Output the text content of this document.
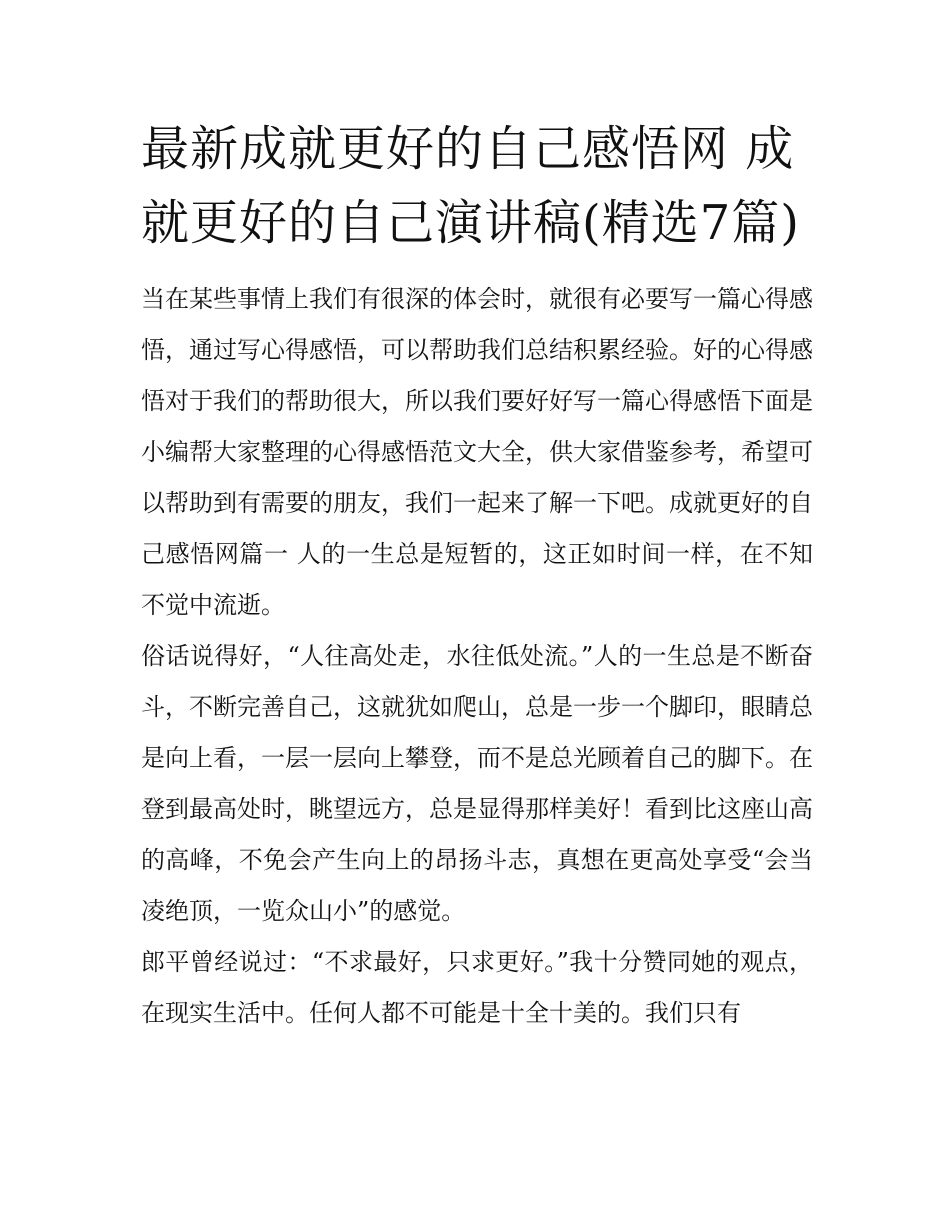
最新成就更好的自己感悟网 成就更好的自己演讲稿(精选7篇)

当在某些事情上我们有很深的体会时，就很有必要写一篇心得感悟，通过写心得感悟，可以帮助我们总结积累经验。好的心得感悟对于我们的帮助很大，所以我们要好好写一篇心得感悟下面是小编帮大家整理的心得感悟范文大全，供大家借鉴参考，希望可以帮助到有需要的朋友，我们一起来了解一下吧。成就更好的自己感悟网篇一 人的一生总是短暂的，这正如时间一样，在不知不觉中流逝。

俗话说得好，“人往高处走，水往低处流。”人的一生总是不断奋斗，不断完善自己，这就犹如爬山，总是一步一个脚印，眼睛总是向上看，一层一层向上攀登，而不是总光顾着自己的脚下。在登到最高处时，眺望远方，总是显得那样美好！看到比这座山高的高峰，不免会产生向上的昂扬斗志，真想在更高处享受“会当凌绝顶，一览众山小”的感觉。

郎平曾经说过：“不求最好，只求更好。”我十分赞同她的观点，在现实生活中。任何人都不可能是十全十美的。我们只有
